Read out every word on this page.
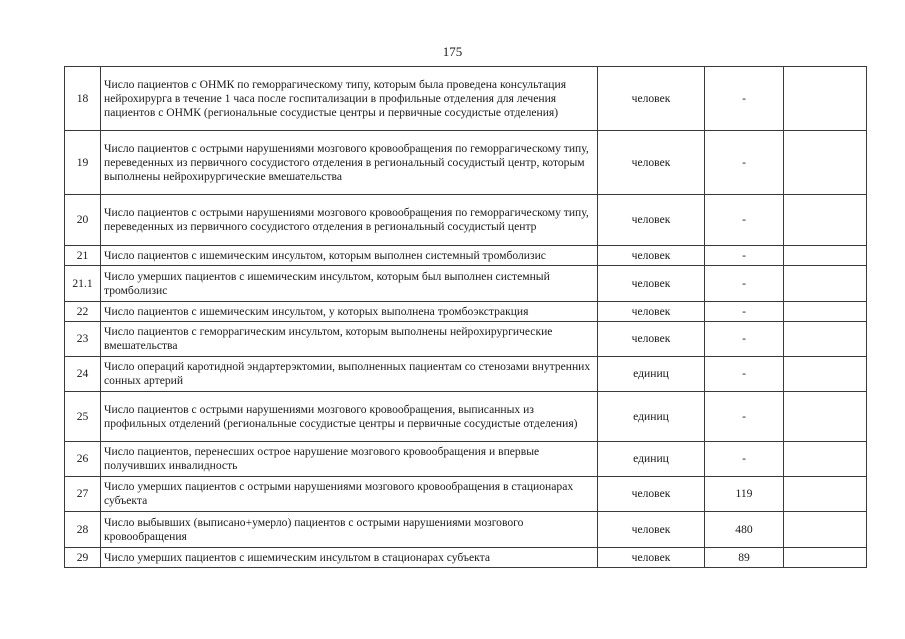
175
18	Число пациентов с ОНМК по геморрагическому типу, которым была проведена консультация нейрохирурга в течение 1 часа после госпитализации в профильные отделения для лечения пациентов с ОНМК (региональные сосудистые центры и первичные сосудистые отделения)	человек	-	
19	Число пациентов с острыми нарушениями мозгового кровообращения по геморрагическому типу, переведенных из первичного сосудистого отделения в региональный сосудистый центр, которым выполнены нейрохирургические вмешательства	человек	-	
20	Число пациентов с острыми нарушениями мозгового кровообращения по геморрагическому типу, переведенных из первичного сосудистого отделения в региональный сосудистый центр	человек	-	
21	Число пациентов с ишемическим инсультом, которым выполнен системный тромболизис	человек	-	
21.1	Число умерших пациентов с ишемическим инсультом, которым был выполнен системный тромболизис	человек	-	
22	Число пациентов с ишемическим инсультом, у которых выполнена тромбоэкстракция	человек	-	
23	Число пациентов с геморрагическим инсультом, которым выполнены нейрохирургические вмешательства	человек	-	
24	Число операций каротидной эндартерэктомии, выполненных пациентам со стенозами внутренних сонных артерий	единиц	-	
25	Число пациентов с острыми нарушениями мозгового кровообращения, выписанных из профильных отделений (региональные сосудистые центры и первичные сосудистые отделения)	единиц	-	
26	Число пациентов, перенесших острое нарушение мозгового кровообращения и впервые получивших инвалидность	единиц	-	
27	Число умерших пациентов с острыми нарушениями мозгового кровообращения в стационарах субъекта	человек	119	
28	Число выбывших (выписано+умерло) пациентов с острыми нарушениями мозгового кровообращения	человек	480	
29	Число умерших пациентов с ишемическим инсультом в стационарах субъекта	человек	89	
